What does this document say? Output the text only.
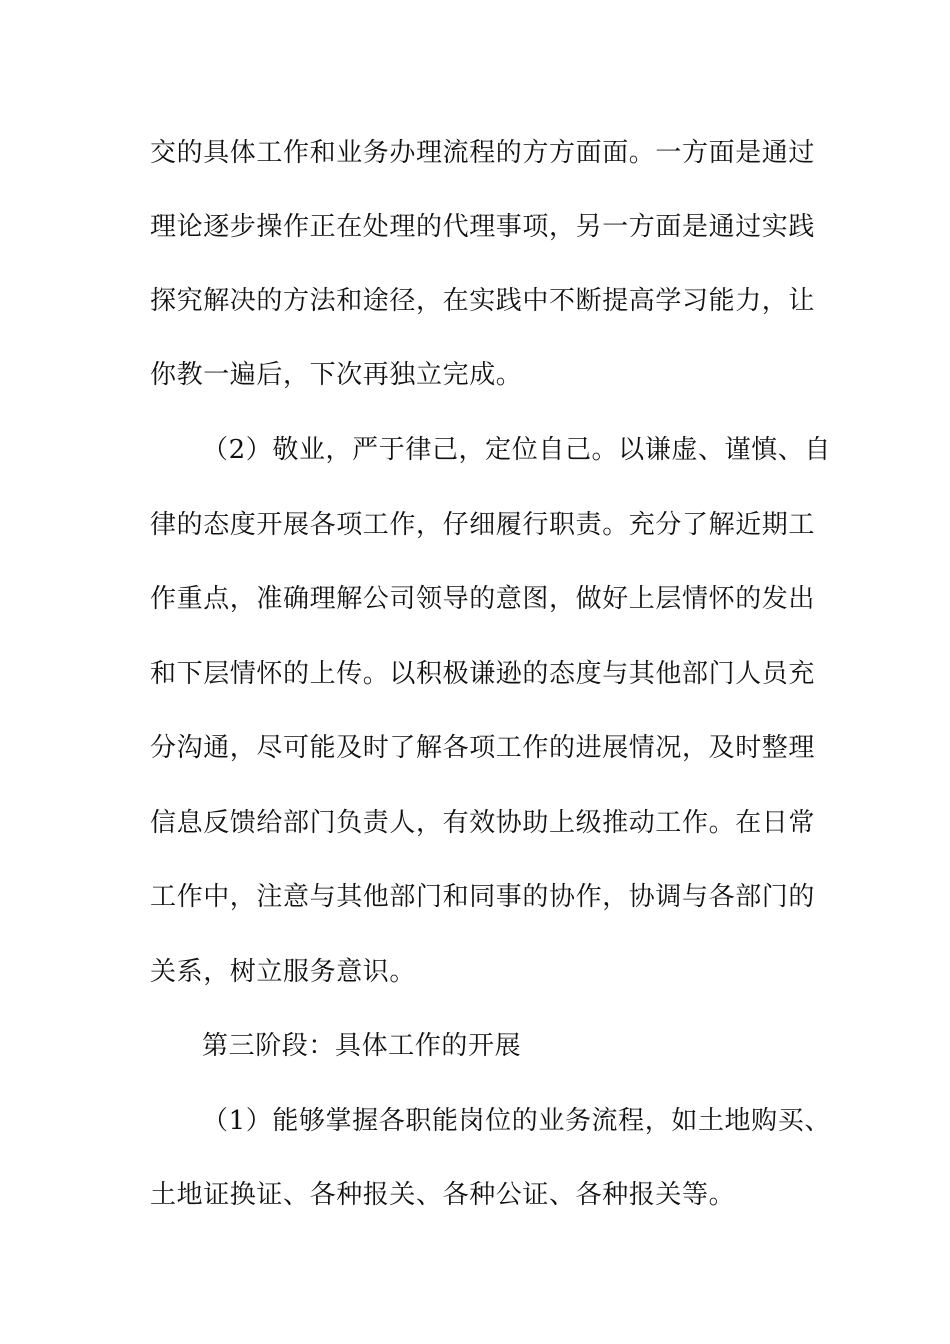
交的具体工作和业务办理流程的方方面面。一方面是通过
理论逐步操作正在处理的代理事项，另一方面是通过实践
探究解决的方法和途径，在实践中不断提高学习能力，让
你教一遍后，下次再独立完成。
（2）敬业，严于律己，定位自己。以谦虚、谨慎、自
律的态度开展各项工作，仔细履行职责。充分了解近期工
作重点，准确理解公司领导的意图，做好上层情怀的发出
和下层情怀的上传。以积极谦逊的态度与其他部门人员充
分沟通，尽可能及时了解各项工作的进展情况，及时整理
信息反馈给部门负责人，有效协助上级推动工作。在日常
工作中，注意与其他部门和同事的协作，协调与各部门的
关系，树立服务意识。
第三阶段：具体工作的开展
（1）能够掌握各职能岗位的业务流程，如土地购买、
土地证换证、各种报关、各种公证、各种报关等。
